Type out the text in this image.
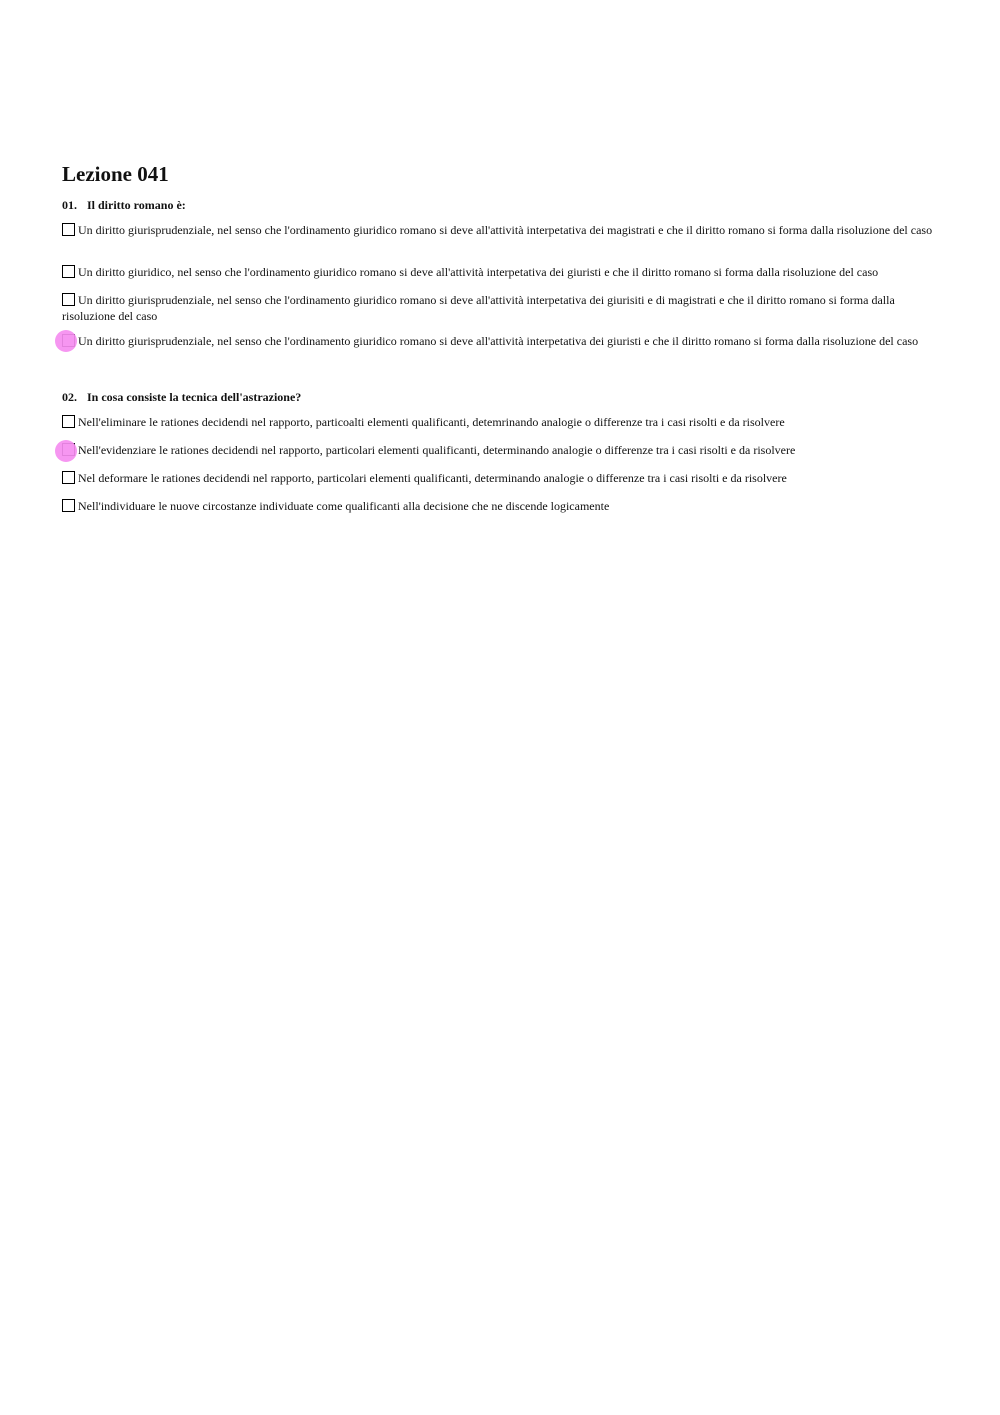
Lezione 041

01. Il diritto romano è:

Un diritto giurisprudenziale, nel senso che l'ordinamento giuridico romano si deve all'attività interpetativa dei magistrati e che il diritto romano si forma dalla risoluzione del caso

Un diritto giuridico, nel senso che l'ordinamento giuridico romano si deve all'attività interpetativa dei giuristi e che il diritto romano si forma dalla risoluzione del caso

Un diritto giurisprudenziale, nel senso che l'ordinamento giuridico romano si deve all'attività interpetativa dei giurisiti e di magistrati e che il diritto romano si forma dalla risoluzione del caso

Un diritto giurisprudenziale, nel senso che l'ordinamento giuridico romano si deve all'attività interpetativa dei giuristi e che il diritto romano si forma dalla risoluzione del caso

02. In cosa consiste la tecnica dell'astrazione?

Nell'eliminare le rationes decidendi nel rapporto, particoalti elementi qualificanti, detemrinando analogie o differenze tra i casi risolti e da risolvere

Nell'evidenziare le rationes decidendi nel rapporto, particolari elementi qualificanti, determinando analogie o differenze tra i casi risolti e da risolvere

Nel deformare le rationes decidendi nel rapporto, particolari elementi qualificanti, determinando analogie o differenze tra i casi risolti e da risolvere

Nell'individuare le nuove circostanze individuate come qualificanti alla decisione che ne discende logicamente
